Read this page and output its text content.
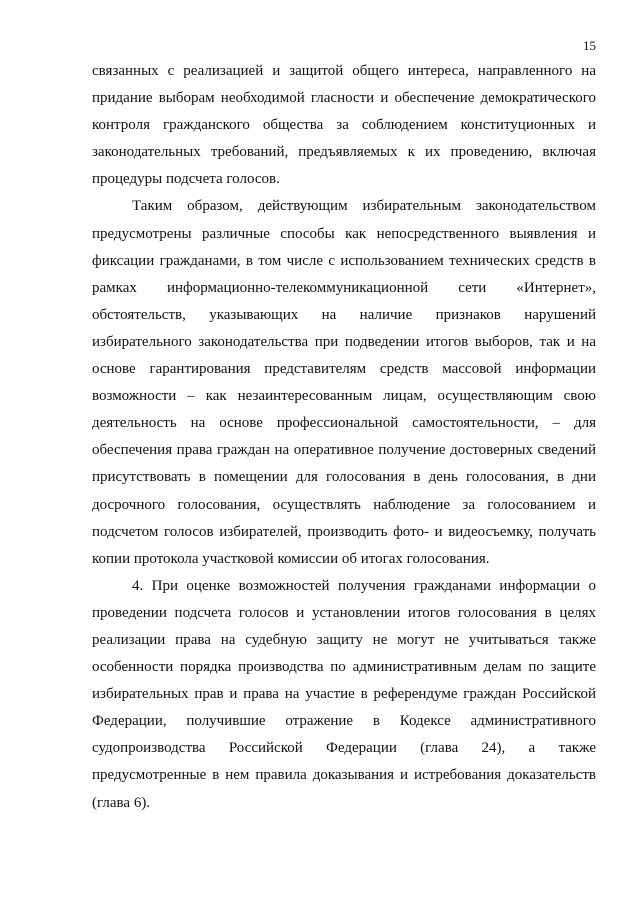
15

связанных с реализацией и защитой общего интереса, направленного на придание выборам необходимой гласности и обеспечение демократического контроля гражданского общества за соблюдением конституционных и законодательных требований, предъявляемых к их проведению, включая процедуры подсчета голосов.

Таким образом, действующим избирательным законодательством предусмотрены различные способы как непосредственного выявления и фиксации гражданами, в том числе с использованием технических средств в рамках информационно-телекоммуникационной сети «Интернет», обстоятельств, указывающих на наличие признаков нарушений избирательного законодательства при подведении итогов выборов, так и на основе гарантирования представителям средств массовой информации возможности – как незаинтересованным лицам, осуществляющим свою деятельность на основе профессиональной самостоятельности, – для обеспечения права граждан на оперативное получение достоверных сведений присутствовать в помещении для голосования в день голосования, в дни досрочного голосования, осуществлять наблюдение за голосованием и подсчетом голосов избирателей, производить фото- и видеосъемку, получать копии протокола участковой комиссии об итогах голосования.

4. При оценке возможностей получения гражданами информации о проведении подсчета голосов и установлении итогов голосования в целях реализации права на судебную защиту не могут не учитываться также особенности порядка производства по административным делам по защите избирательных прав и права на участие в референдуме граждан Российской Федерации, получившие отражение в Кодексе административного судопроизводства Российской Федерации (глава 24), а также предусмотренные в нем правила доказывания и истребования доказательств (глава 6).
